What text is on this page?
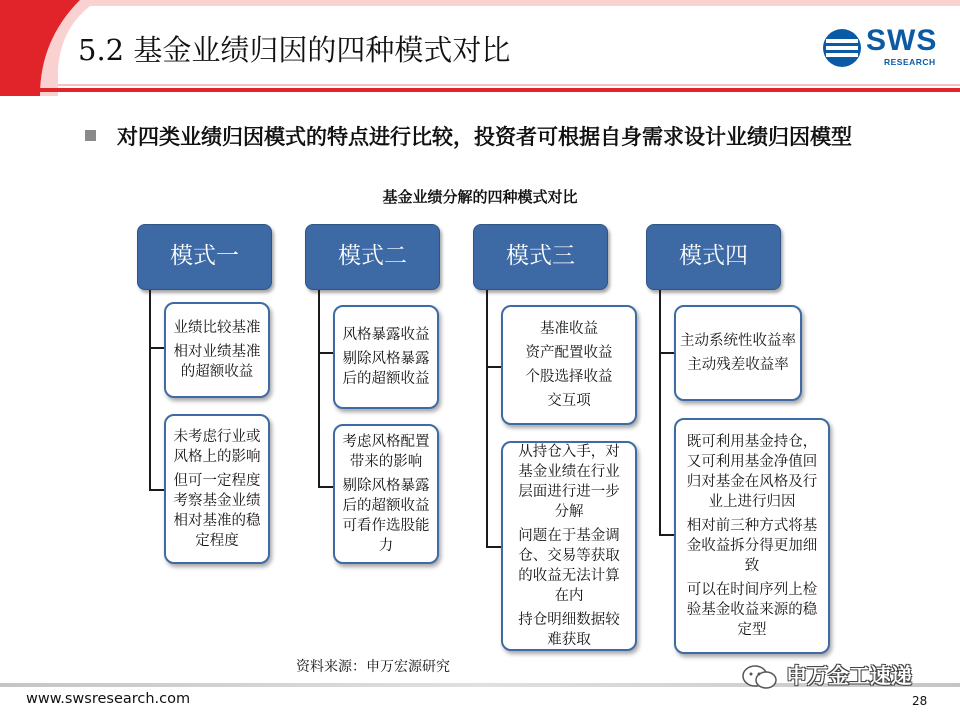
5.2 基金业绩归因的四种模式对比	SWS
RESEARCH
对四类业绩归因模式的特点进行比较，投资者可根据自身需求设计业绩归因模型
基金业绩分解的四种模式对比
模式一
业绩比较基准
相对业绩基准的超额收益
未考虑行业或风格上的影响
但可一定程度考察基金业绩相对基准的稳定程度
模式二
风格暴露收益
剔除风格暴露后的超额收益
考虑风格配置带来的影响
剔除风格暴露后的超额收益可看作选股能力
模式三
基准收益
资产配置收益
个股选择收益
交互项
从持仓入手，对基金业绩在行业层面进行进一步分解
问题在于基金调仓、交易等获取的收益无法计算在内
持仓明细数据较难获取
模式四
主动系统性收益率
主动残差收益率
既可利用基金持仓，又可利用基金净值回归对基金在风格及行业上进行归因
相对前三种方式将基金收益拆分得更加细致
可以在时间序列上检验基金收益来源的稳定型
资料来源：申万宏源研究
www.swsresearch.com	28
申万金工速递
